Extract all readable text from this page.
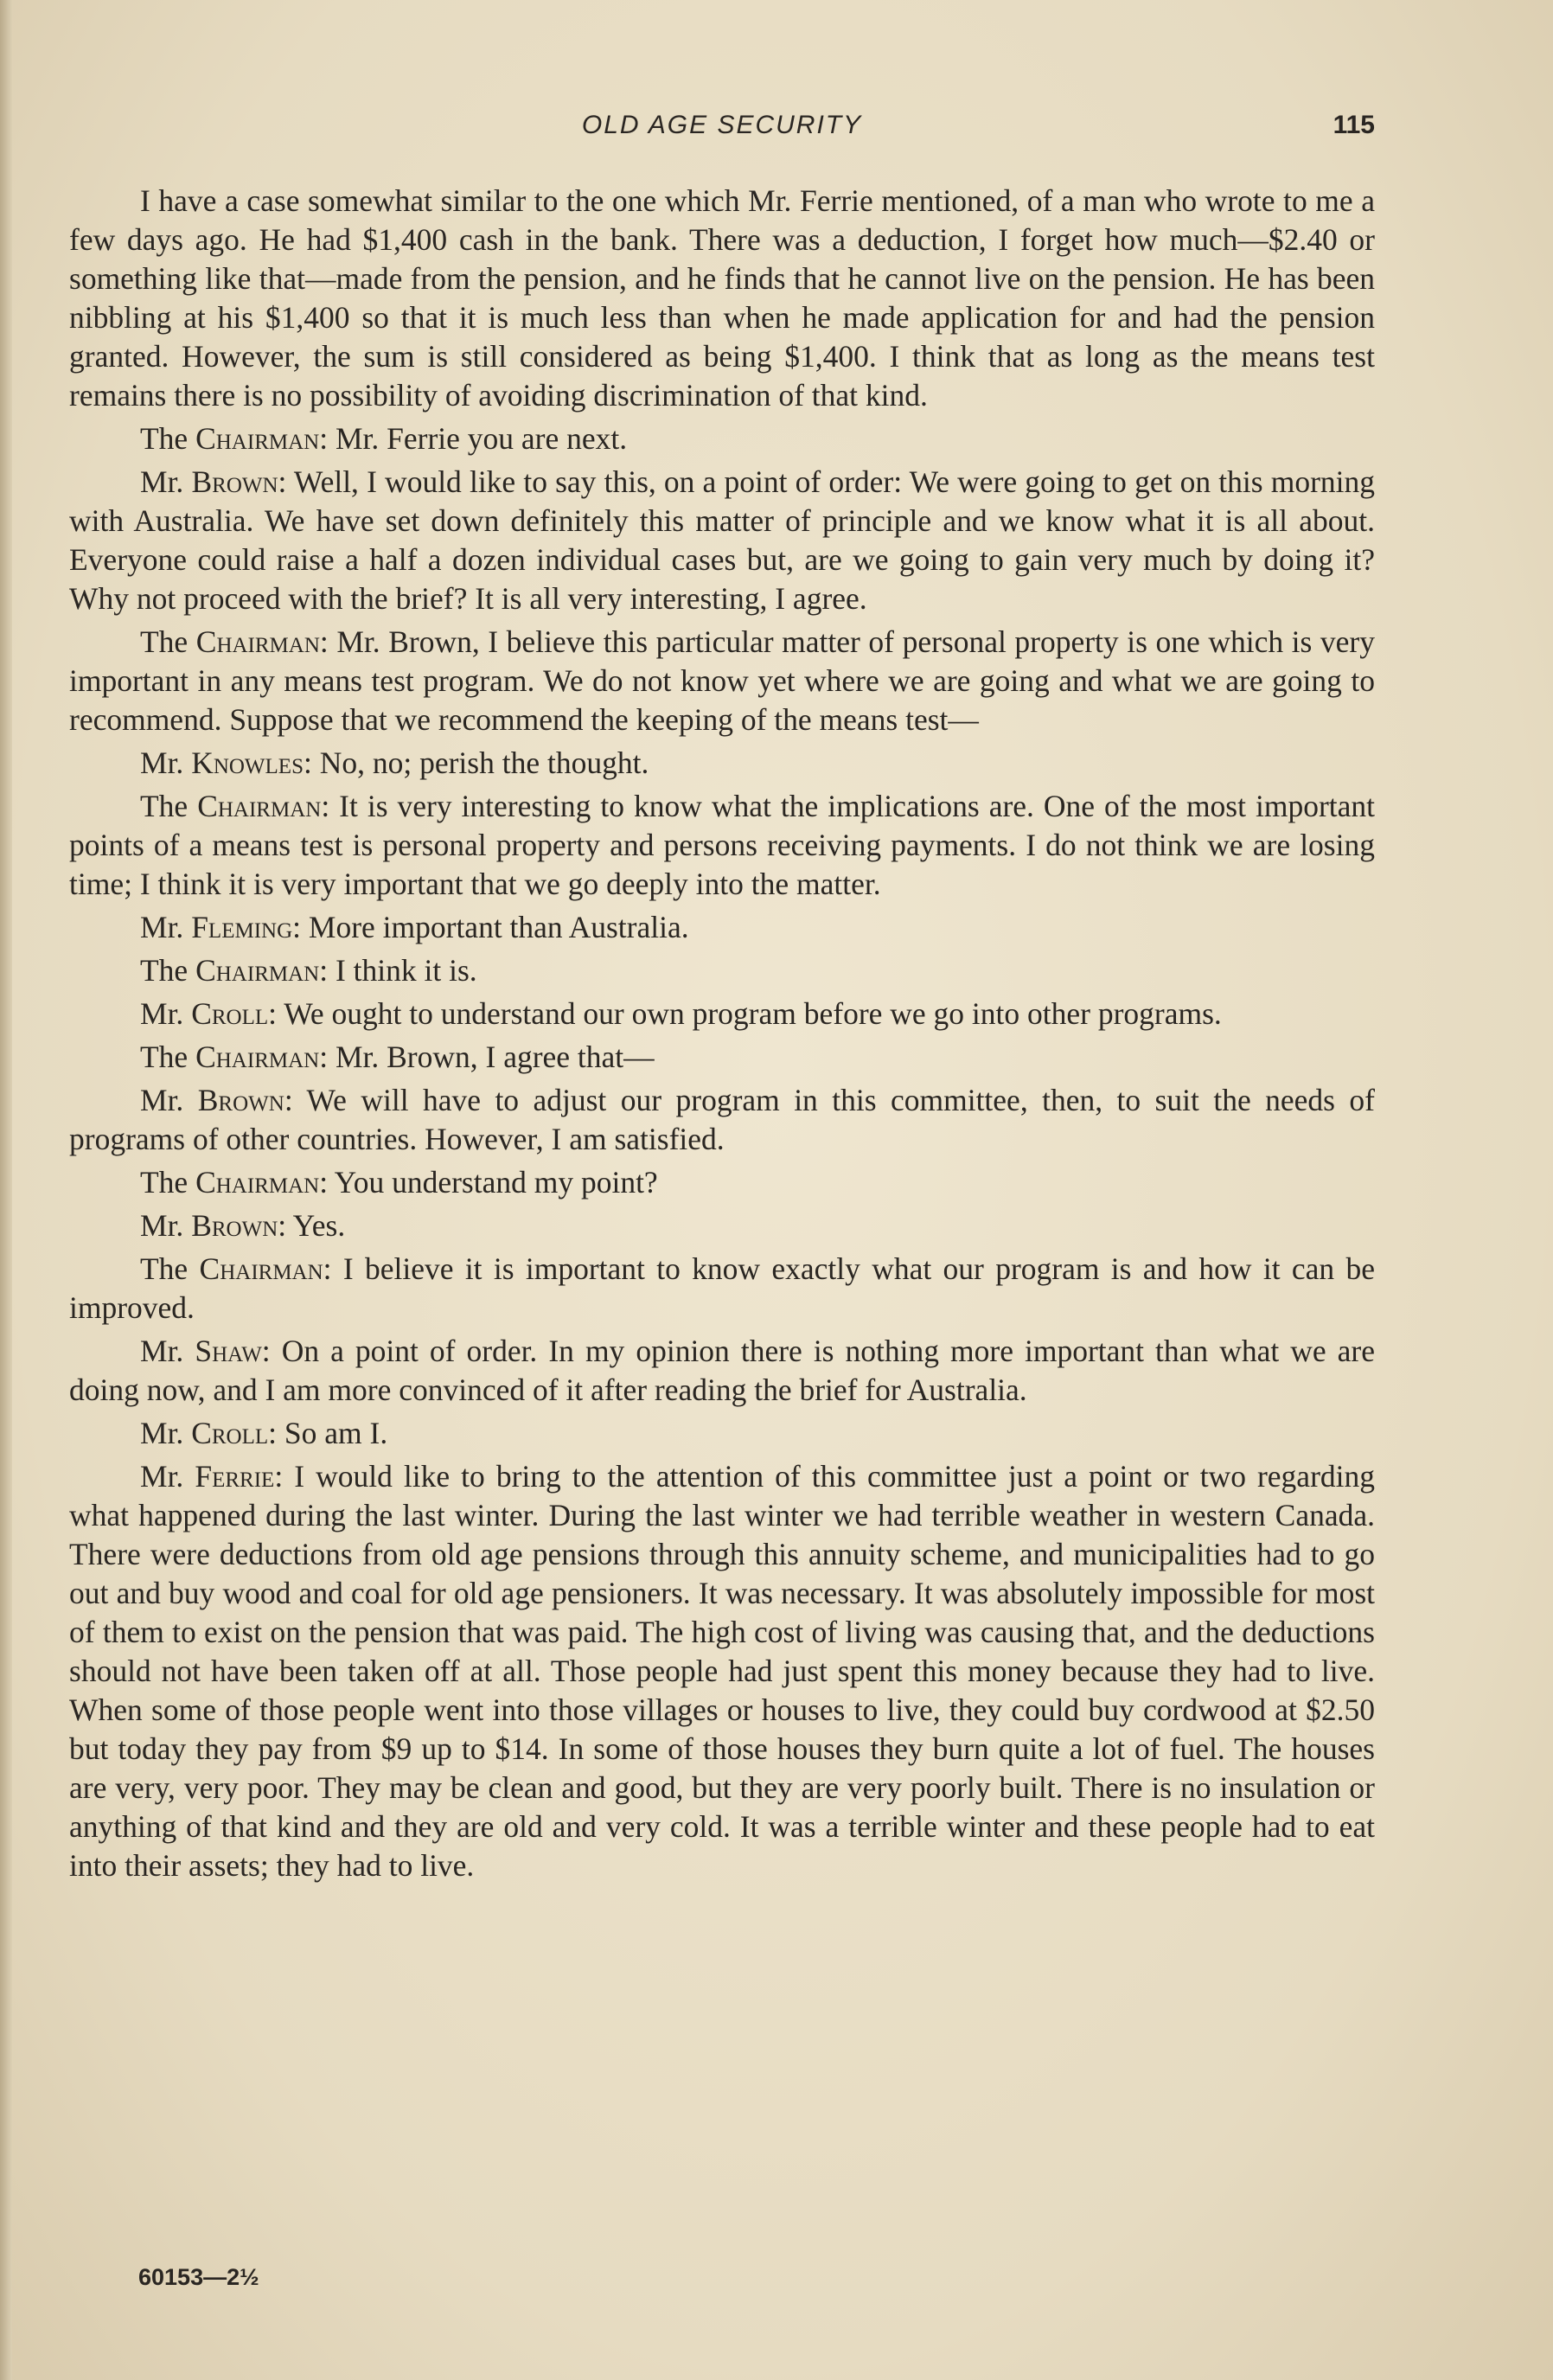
OLD AGE SECURITY	115

I have a case somewhat similar to the one which Mr. Ferrie mentioned, of a man who wrote to me a few days ago. He had $1,400 cash in the bank. There was a deduction, I forget how much—$2.40 or something like that—made from the pension, and he finds that he cannot live on the pension. He has been nibbling at his $1,400 so that it is much less than when he made application for and had the pension granted. However, the sum is still considered as being $1,400. I think that as long as the means test remains there is no possibility of avoiding discrimination of that kind.

The Chairman: Mr. Ferrie you are next.

Mr. Brown: Well, I would like to say this, on a point of order: We were going to get on this morning with Australia. We have set down definitely this matter of principle and we know what it is all about. Everyone could raise a half a dozen individual cases but, are we going to gain very much by doing it? Why not proceed with the brief? It is all very interesting, I agree.

The Chairman: Mr. Brown, I believe this particular matter of personal property is one which is very important in any means test program. We do not know yet where we are going and what we are going to recommend. Suppose that we recommend the keeping of the means test—

Mr. Knowles: No, no; perish the thought.

The Chairman: It is very interesting to know what the implications are. One of the most important points of a means test is personal property and persons receiving payments. I do not think we are losing time; I think it is very important that we go deeply into the matter.

Mr. Fleming: More important than Australia.

The Chairman: I think it is.

Mr. Croll: We ought to understand our own program before we go into other programs.

The Chairman: Mr. Brown, I agree that—

Mr. Brown: We will have to adjust our program in this committee, then, to suit the needs of programs of other countries. However, I am satisfied.

The Chairman: You understand my point?

Mr. Brown: Yes.

The Chairman: I believe it is important to know exactly what our program is and how it can be improved.

Mr. Shaw: On a point of order. In my opinion there is nothing more important than what we are doing now, and I am more convinced of it after reading the brief for Australia.

Mr. Croll: So am I.

Mr. Ferrie: I would like to bring to the attention of this committee just a point or two regarding what happened during the last winter. During the last winter we had terrible weather in western Canada. There were deductions from old age pensions through this annuity scheme, and municipalities had to go out and buy wood and coal for old age pensioners. It was necessary. It was absolutely impossible for most of them to exist on the pension that was paid. The high cost of living was causing that, and the deductions should not have been taken off at all. Those people had just spent this money because they had to live. When some of those people went into those villages or houses to live, they could buy cordwood at $2.50 but today they pay from $9 up to $14. In some of those houses they burn quite a lot of fuel. The houses are very, very poor. They may be clean and good, but they are very poorly built. There is no insulation or anything of that kind and they are old and very cold. It was a terrible winter and these people had to eat into their assets; they had to live.

60153—2½
